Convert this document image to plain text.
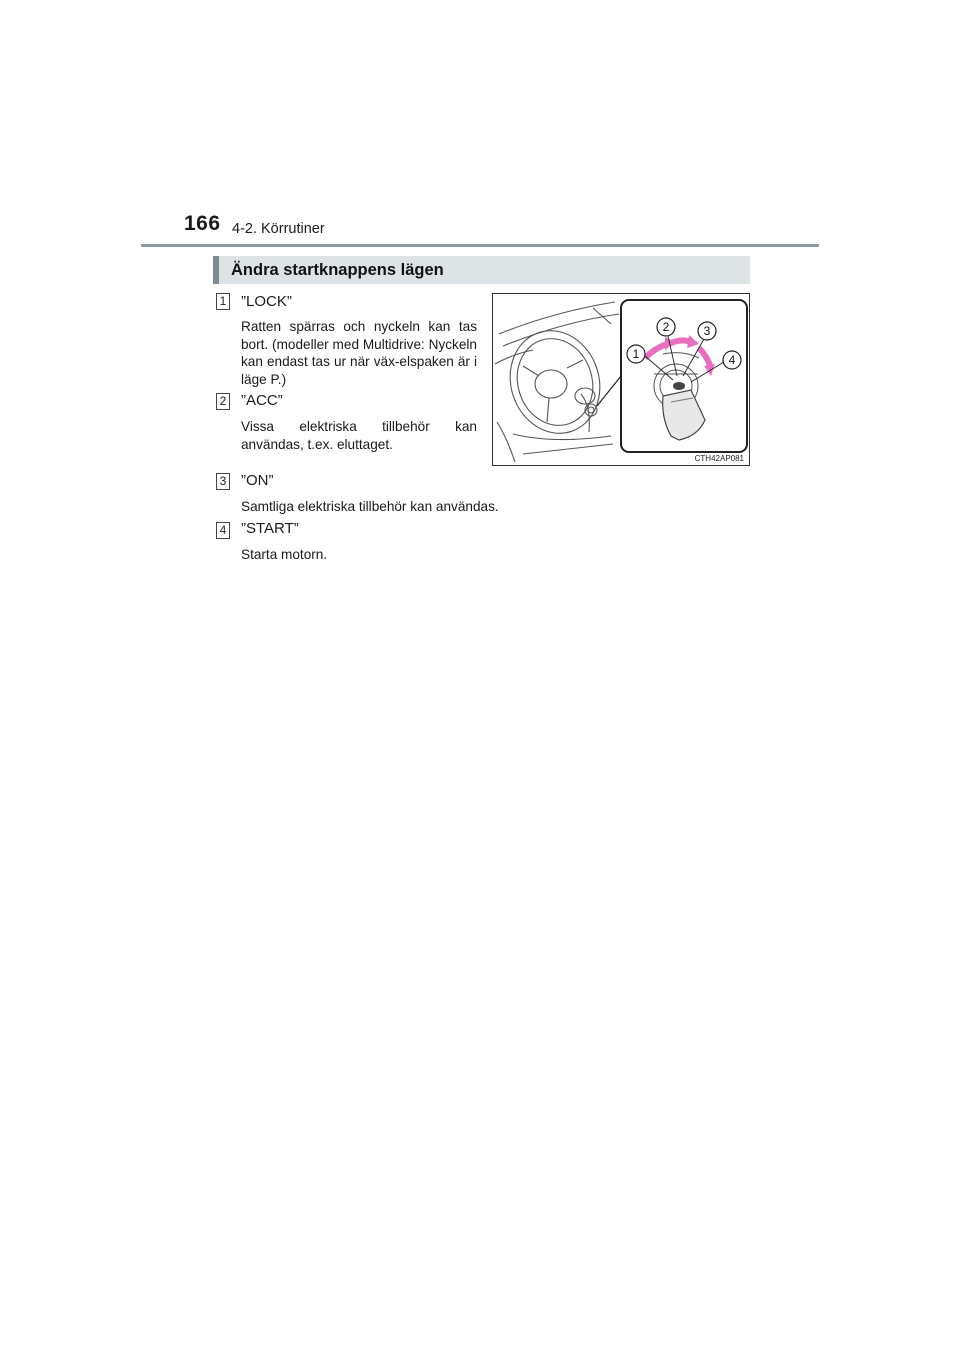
166 4-2. Körrutiner
Ändra startknappens lägen
1 ”LOCK”
Ratten spärras och nyckeln kan tas bort. (modeller med Multidrive: Nyckeln kan endast tas ur när väx-elspaken är i läge P.)
2 ”ACC”
Vissa elektriska tillbehör kan användas, t.ex. eluttaget.
3 ”ON”
Samtliga elektriska tillbehör kan användas.
4 ”START”
Starta motorn.
1
2	3
4
CTH42AP081
